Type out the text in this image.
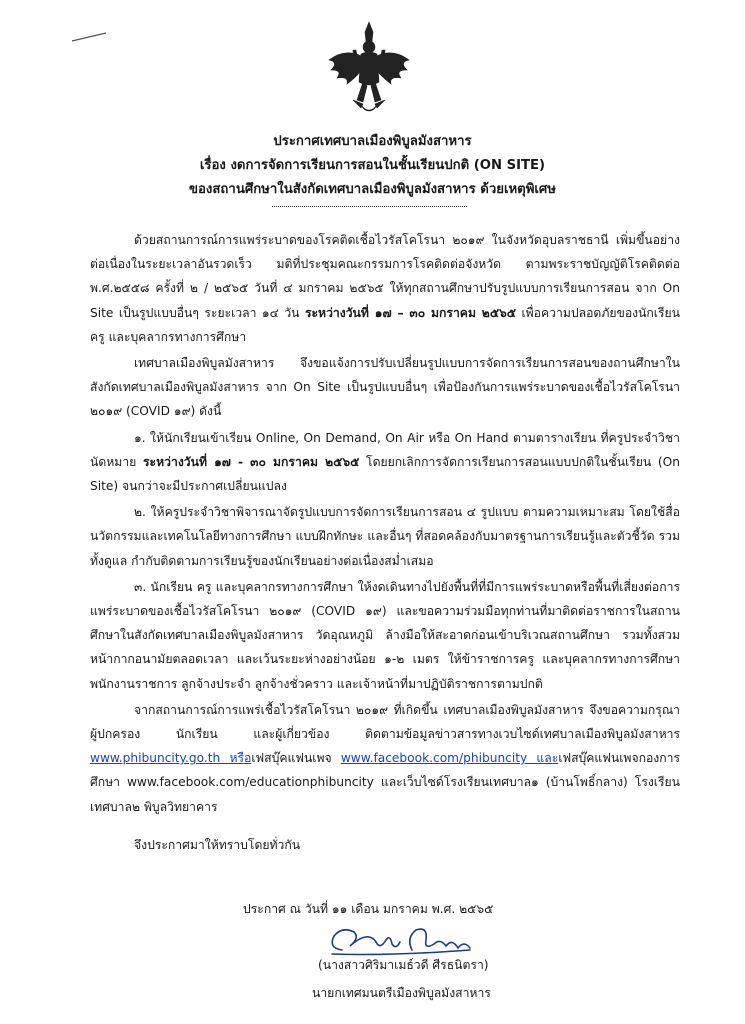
ประกาศเทศบาลเมืองพิบูลมังสาหาร
เรื่อง งดการจัดการเรียนการสอนในชั้นเรียนปกติ (ON SITE)
ของสถานศึกษาในสังกัดเทศบาลเมืองพิบูลมังสาหาร ด้วยเหตุพิเศษ

ด้วยสถานการณ์การแพร่ระบาดของโรคติดเชื้อไวรัสโคโรนา ๒๐๑๙ ในจังหวัดอุบลราชธานี เพิ่มขึ้นอย่างต่อเนื่องในระยะเวลาอันรวดเร็ว มติที่ประชุมคณะกรรมการโรคติดต่อจังหวัด ตามพระราชบัญญัติโรคติดต่อ พ.ศ.๒๕๕๘ ครั้งที่ ๒ / ๒๕๖๕ วันที่ ๔ มกราคม ๒๕๖๕ ให้ทุกสถานศึกษาปรับรูปแบบการเรียนการสอน จาก On Site เป็นรูปแบบอื่นๆ ระยะเวลา ๑๔ วัน ระหว่างวันที่ ๑๗ – ๓๐ มกราคม ๒๕๖๕ เพื่อความปลอดภัยของนักเรียน ครู และบุคลากรทางการศึกษา

เทศบาลเมืองพิบูลมังสาหาร จึงขอแจ้งการปรับเปลี่ยนรูปแบบการจัดการเรียนการสอนของถานศึกษาในสังกัดเทศบาลเมืองพิบูลมังสาหาร จาก On Site เป็นรูปแบบอื่นๆ เพื่อป้องกันการแพร่ระบาดของเชื้อไวรัสโคโรนา ๒๐๑๙ (COVID ๑๙) ดังนี้

๑. ให้นักเรียนเข้าเรียน Online, On Demand, On Air หรือ On Hand ตามตารางเรียน ที่ครูประจำวิชานัดหมาย ระหว่างวันที่ ๑๗ - ๓๐ มกราคม ๒๕๖๕ โดยยกเลิกการจัดการเรียนการสอนแบบปกติในชั้นเรียน (On Site) จนกว่าจะมีประกาศเปลี่ยนแปลง

๒. ให้ครูประจำวิชาพิจารณาจัดรูปแบบการจัดการเรียนการสอน ๔ รูปแบบ ตามความเหมาะสม โดยใช้สื่อนวัตกรรมและเทคโนโลยีทางการศึกษา แบบฝึกทักษะ และอื่นๆ ที่สอดคล้องกับมาตรฐานการเรียนรู้และตัวชี้วัด รวมทั้งดูแล กำกับติดตามการเรียนรู้ของนักเรียนอย่างต่อเนื่องสม่ำเสมอ

๓. นักเรียน ครู และบุคลากรทางการศึกษา ให้งดเดินทางไปยังพื้นที่ที่มีการแพร่ระบาดหรือพื้นที่เสี่ยงต่อการแพร่ระบาดของเชื้อไวรัสโคโรนา ๒๐๑๙ (COVID ๑๙) และขอความร่วมมือทุกท่านที่มาติดต่อราชการในสถานศึกษาในสังกัดเทศบาลเมืองพิบูลมังสาหาร วัดอุณหภูมิ ล้างมือให้สะอาดก่อนเข้าบริเวณสถานศึกษา รวมทั้งสวมหน้ากากอนามัยตลอดเวลา และเว้นระยะห่างอย่างน้อย ๑-๒ เมตร ให้ข้าราชการครู และบุคลากรทางการศึกษา พนักงานราชการ ลูกจ้างประจำ ลูกจ้างชั่วคราว และเจ้าหน้าที่มาปฏิบัติราชการตามปกติ

จากสถานการณ์การแพร่เชื้อไวรัสโคโรนา ๒๐๑๙ ที่เกิดขึ้น เทศบาลเมืองพิบูลมังสาหาร จึงขอความกรุณาผู้ปกครอง นักเรียน และผู้เกี่ยวข้อง ติดตามข้อมูลข่าวสารทางเวบไซด์เทศบาลเมืองพิบูลมังสาหาร www.phibuncity.go.th หรือเฟสบุ๊คแฟนเพจ www.facebook.com/phibuncity และเฟสบุ๊คแฟนเพจกองการศึกษา www.facebook.com/educationphibuncity และเว็บไซด์โรงเรียนเทศบาล๑ (บ้านโพธิ์กลาง) โรงเรียนเทศบาล๒ พิบูลวิทยาคาร

จึงประกาศมาให้ทราบโดยทั่วกัน

ประกาศ ณ วันที่ ๑๑ เดือน มกราคม พ.ศ. ๒๕๖๕
(นางสาวศิริมาเมธ์วดี ศีรธนิตรา)
นายกเทศมนตรีเมืองพิบูลมังสาหาร
